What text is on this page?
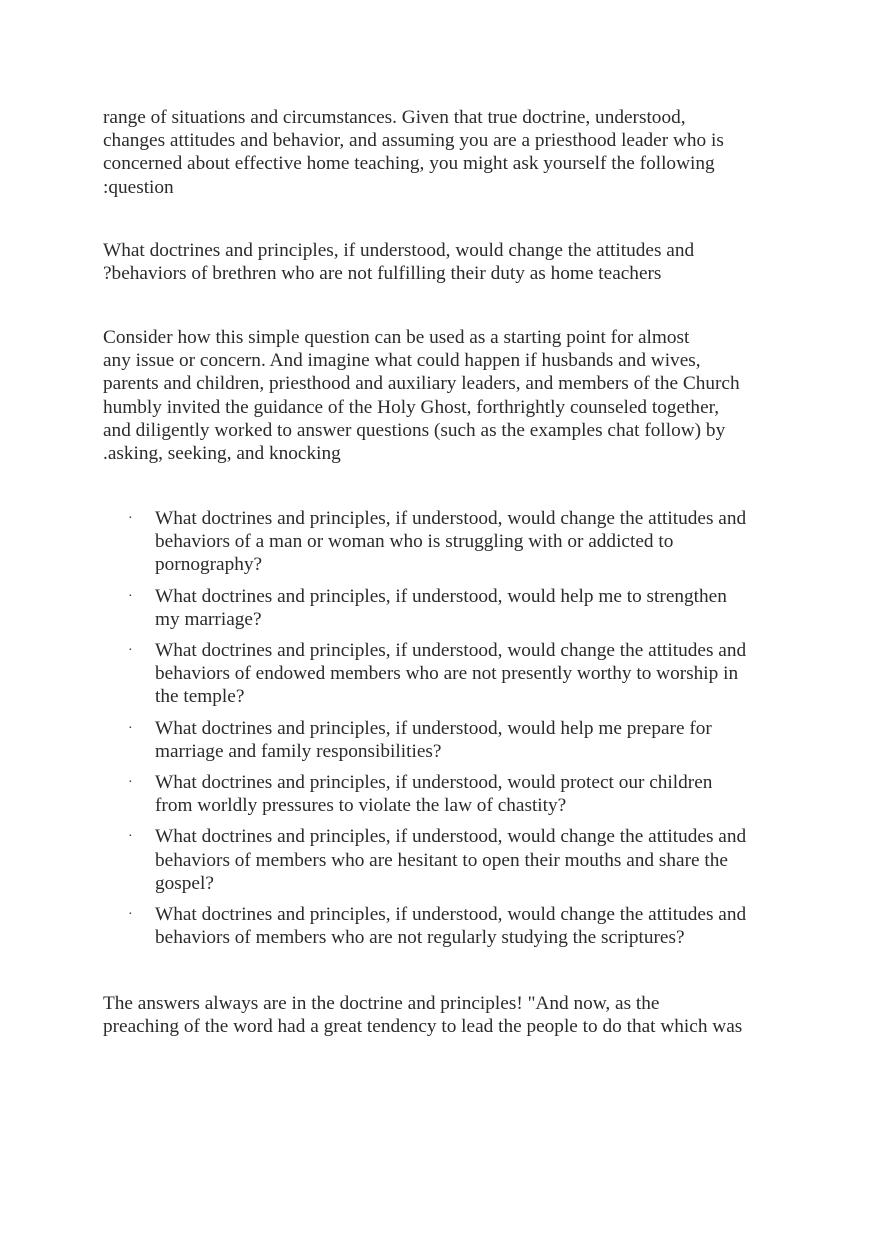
range of situations and circumstances. Given that true doctrine, understood,
changes attitudes and behavior, and assuming you are a priesthood leader who is
concerned about effective home teaching, you might ask yourself the following
:question
What doctrines and principles, if understood, would change the attitudes and
?behaviors of brethren who are not fulfilling their duty as home teachers
Consider how this simple question can be used as a starting point for almost
any issue or concern. And imagine what could happen if husbands and wives,
parents and children, priesthood and auxiliary leaders, and members of the Church
humbly invited the guidance of the Holy Ghost, forthrightly counseled together,
and diligently worked to answer questions (such as the examples chat follow) by
.asking, seeking, and knocking
· What doctrines and principles, if understood, would change the attitudes and
behaviors of a man or woman who is struggling with or addicted to
pornography?
· What doctrines and principles, if understood, would help me to strengthen
my marriage?
· What doctrines and principles, if understood, would change the attitudes and
behaviors of endowed members who are not presently worthy to worship in
the temple?
· What doctrines and principles, if understood, would help me prepare for
marriage and family responsibilities?
· What doctrines and principles, if understood, would protect our children
from worldly pressures to violate the law of chastity?
· What doctrines and principles, if understood, would change the attitudes and
behaviors of members who are hesitant to open their mouths and share the
gospel?
· What doctrines and principles, if understood, would change the attitudes and
behaviors of members who are not regularly studying the scriptures?
The answers always are in the doctrine and principles! "And now, as the
preaching of the word had a great tendency to lead the people to do that which was
